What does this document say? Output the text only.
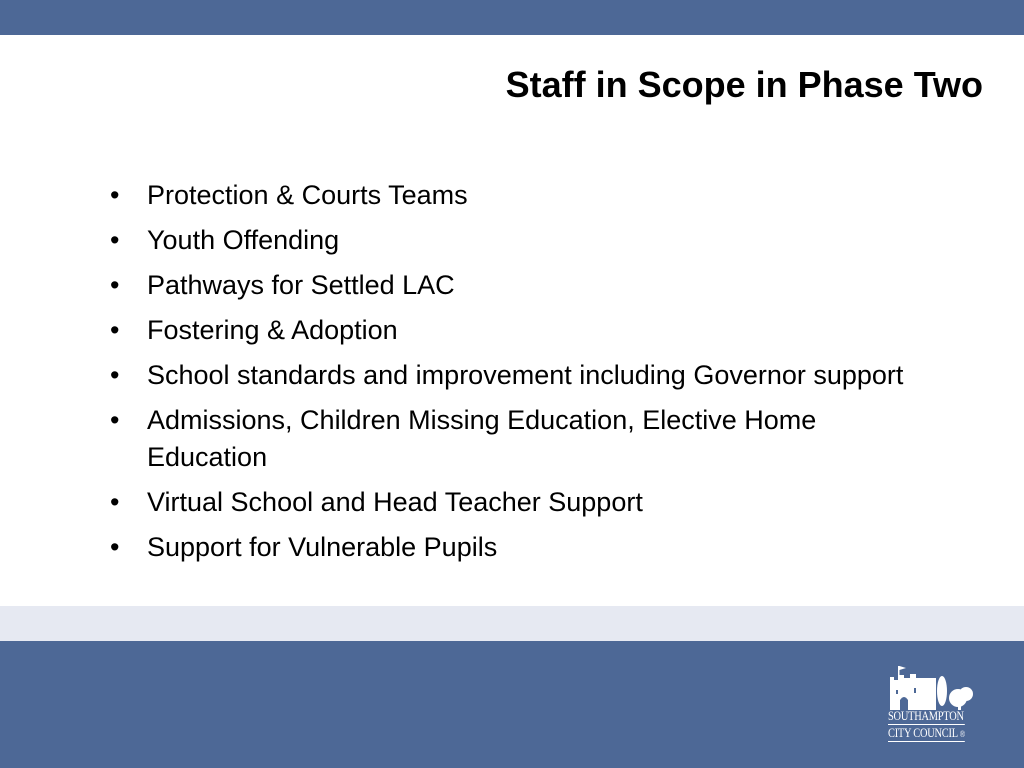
Staff in Scope in Phase Two
• Protection & Courts Teams
• Youth Offending
• Pathways for Settled LAC
• Fostering & Adoption
• School standards and improvement including Governor support
• Admissions, Children Missing Education, Elective Home Education
• Virtual School and Head Teacher Support
• Support for Vulnerable Pupils
SOUTHAMPTON
CITY COUNCIL ®
